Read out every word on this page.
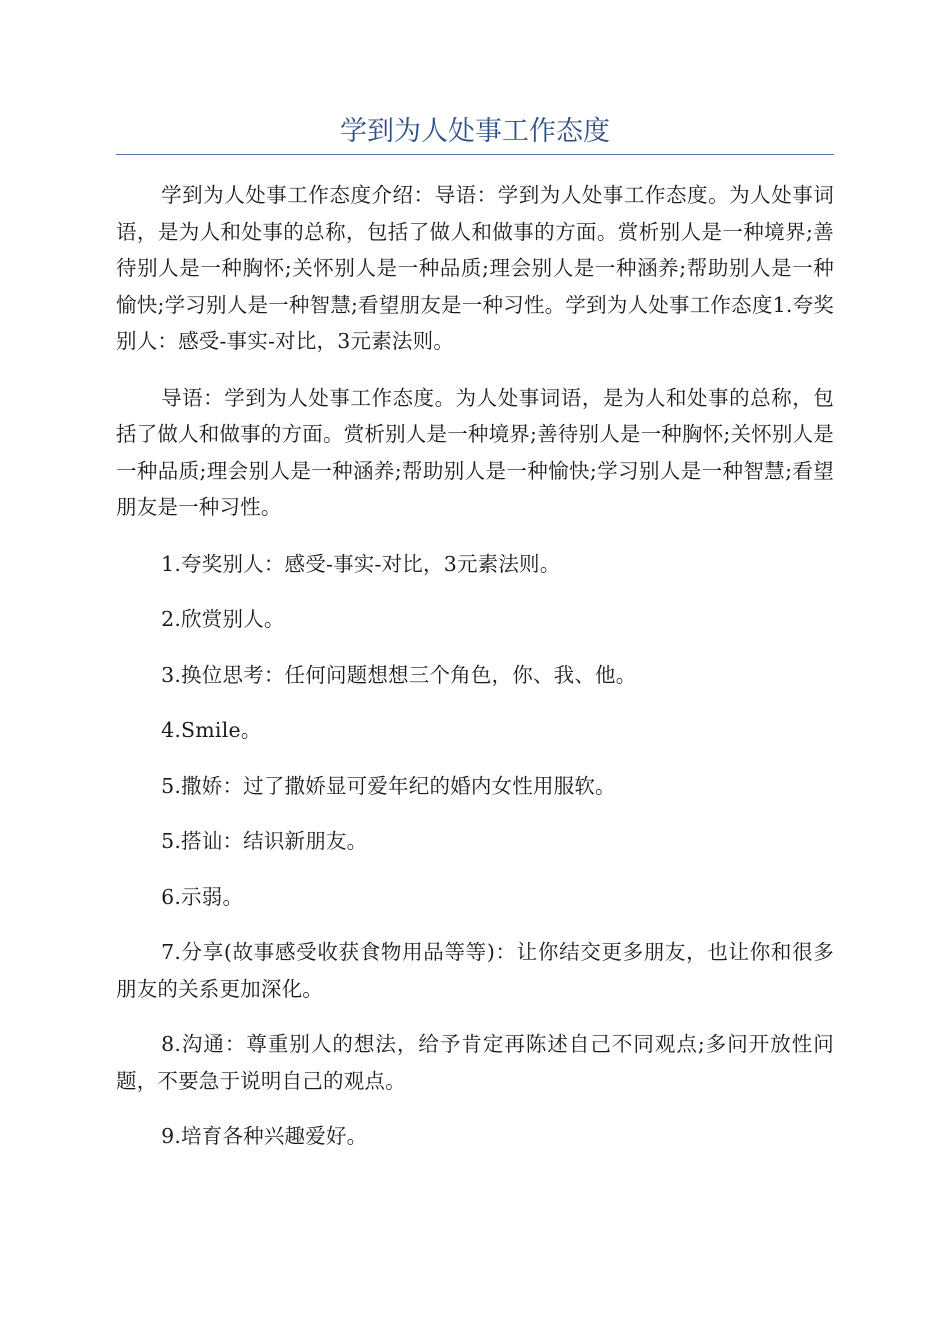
学到为人处事工作态度

学到为人处事工作态度介绍：导语：学到为人处事工作态度。为人处事词语，是为人和处事的总称，包括了做人和做事的方面。赏析别人是一种境界;善待别人是一种胸怀;关怀别人是一种品质;理会别人是一种涵养;帮助别人是一种愉快;学习别人是一种智慧;看望朋友是一种习性。学到为人处事工作态度1.夸奖别人：感受-事实-对比，3元素法则。

导语：学到为人处事工作态度。为人处事词语，是为人和处事的总称，包括了做人和做事的方面。赏析别人是一种境界;善待别人是一种胸怀;关怀别人是一种品质;理会别人是一种涵养;帮助别人是一种愉快;学习别人是一种智慧;看望朋友是一种习性。

1.夸奖别人：感受-事实-对比，3元素法则。

2.欣赏别人。

3.换位思考：任何问题想想三个角色，你、我、他。

4.Smile。

5.撒娇：过了撒娇显可爱年纪的婚内女性用服软。

5.搭讪：结识新朋友。

6.示弱。

7.分享(故事感受收获食物用品等等)：让你结交更多朋友，也让你和很多朋友的关系更加深化。

8.沟通：尊重别人的想法，给予肯定再陈述自己不同观点;多问开放性问题，不要急于说明自己的观点。

9.培育各种兴趣爱好。
